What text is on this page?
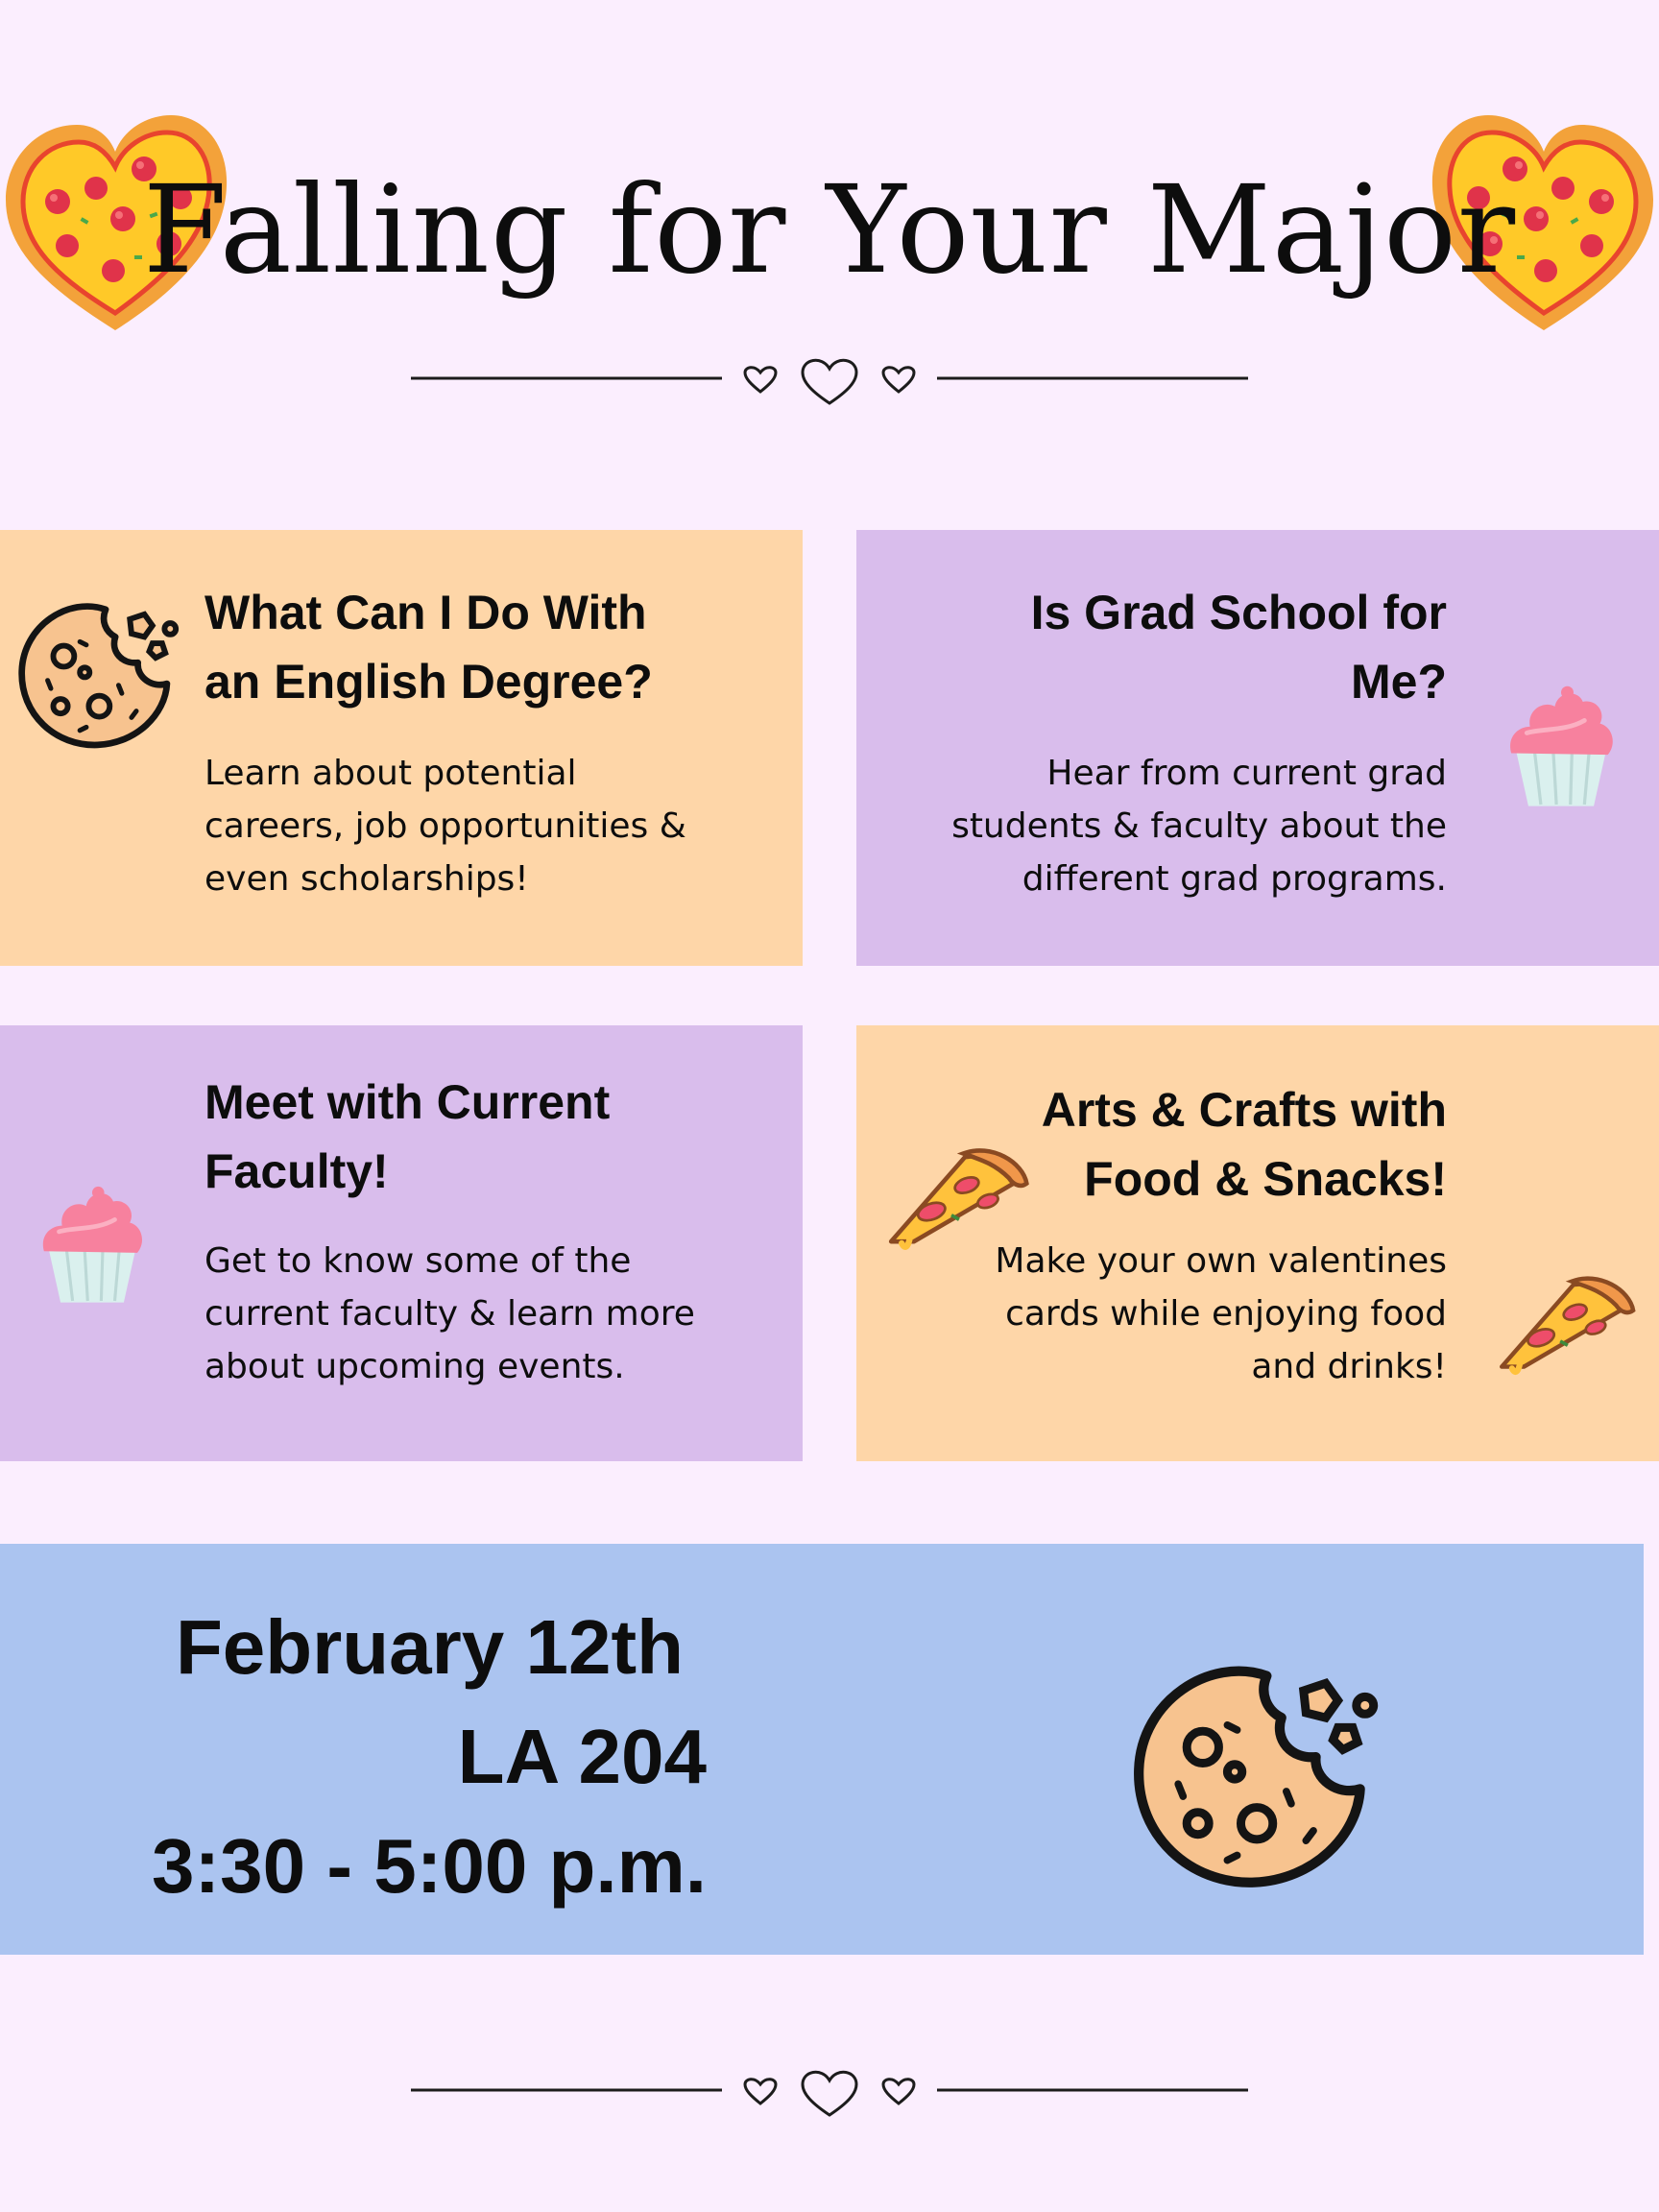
Falling for Your Major
What Can I Do With
an English Degree?
Learn about potential
careers, job opportunities &
even scholarships!
Is Grad School for
Me?
Hear from current grad
students & faculty about the
different grad programs.
Meet with Current
Faculty!
Get to know some of the
current faculty & learn more
about upcoming events.
Arts & Crafts with
Food & Snacks!
Make your own valentines
cards while enjoying food
and drinks!
February 12th
LA 204
3:30 - 5:00 p.m.
